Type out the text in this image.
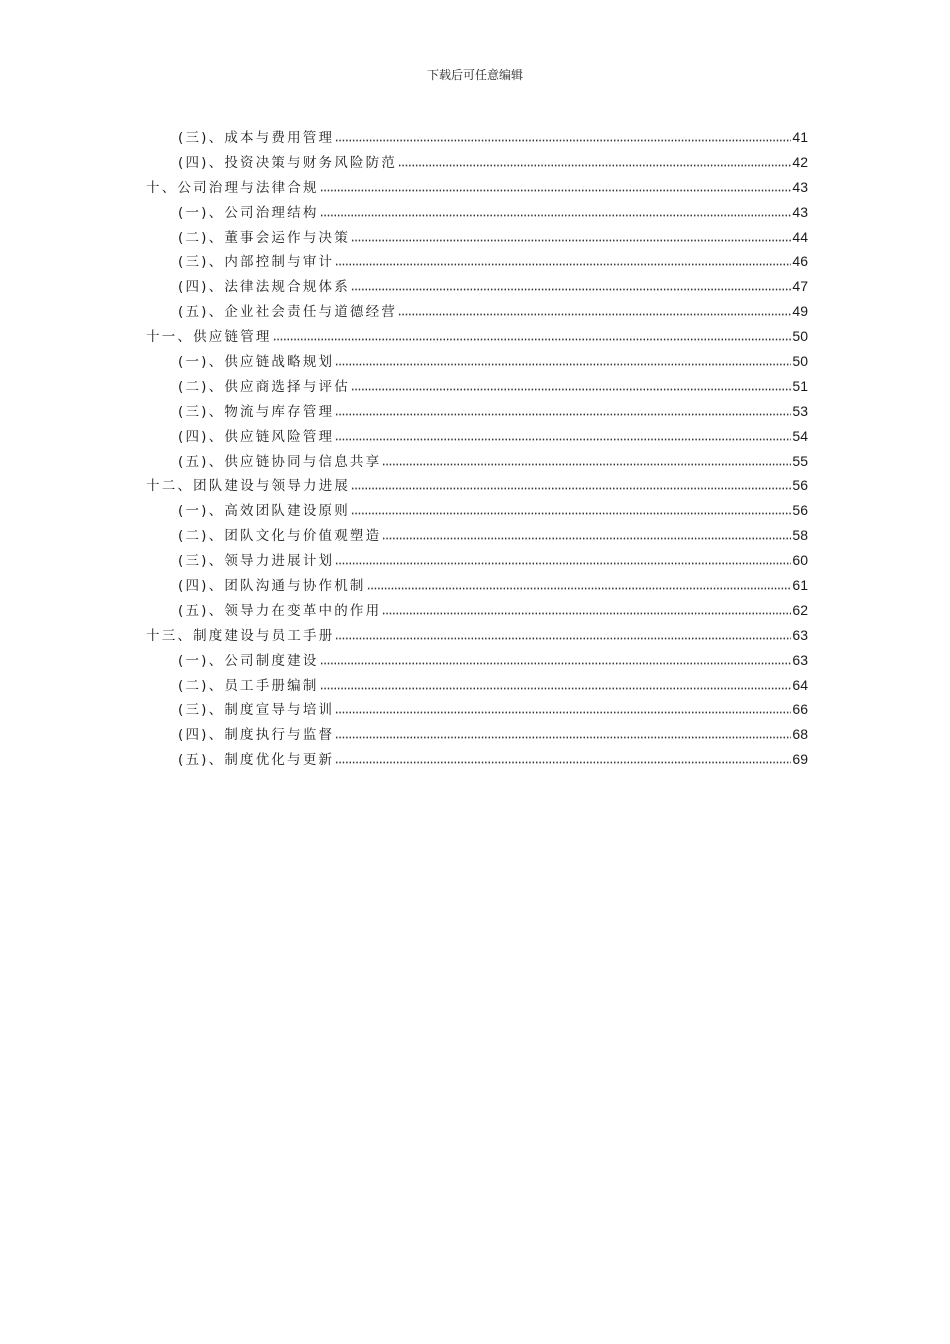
下载后可任意编辑
(三)、成本与费用管理	41
(四)、投资决策与财务风险防范	42
十、公司治理与法律合规	43
(一)、公司治理结构	43
(二)、董事会运作与决策	44
(三)、内部控制与审计	46
(四)、法律法规合规体系	47
(五)、企业社会责任与道德经营	49
十一、供应链管理	50
(一)、供应链战略规划	50
(二)、供应商选择与评估	51
(三)、物流与库存管理	53
(四)、供应链风险管理	54
(五)、供应链协同与信息共享	55
十二、团队建设与领导力进展	56
(一)、高效团队建设原则	56
(二)、团队文化与价值观塑造	58
(三)、领导力进展计划	60
(四)、团队沟通与协作机制	61
(五)、领导力在变革中的作用	62
十三、制度建设与员工手册	63
(一)、公司制度建设	63
(二)、员工手册编制	64
(三)、制度宣导与培训	66
(四)、制度执行与监督	68
(五)、制度优化与更新	69
